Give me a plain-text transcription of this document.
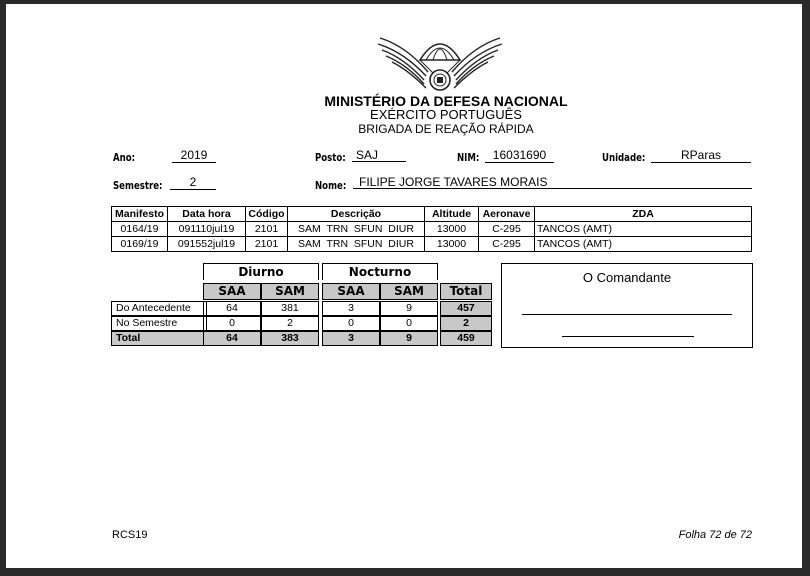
MINISTÉRIO DA DEFESA NACIONAL
EXÉRCITO PORTUGUÊS
BRIGADA DE REAÇÃO RÁPIDA
Ano:	2019	Posto: SAJ	NIM:	16031690	Unidade:	RParas
Semestre:	2	Nome:	FILIPE JORGE TAVARES MORAIS
Manifesto	Data hora	Código	Descrição	Altitude	Aeronave	ZDA
0164/19	091110jul19	2101	SAM  TRN  SFUN  DIUR	13000	C-295	TANCOS (AMT)
0169/19	091552jul19	2101	SAM  TRN  SFUN  DIUR	13000	C-295	TANCOS (AMT)
Diurno	Nocturno
SAA	SAM	SAA	SAM	Total
Do Antecedente	64	381	3	9	457
No Semestre	0	2	0	0	2
Total	64	383	3	9	459
O Comandante
RCS19	Folha 72 de 72
